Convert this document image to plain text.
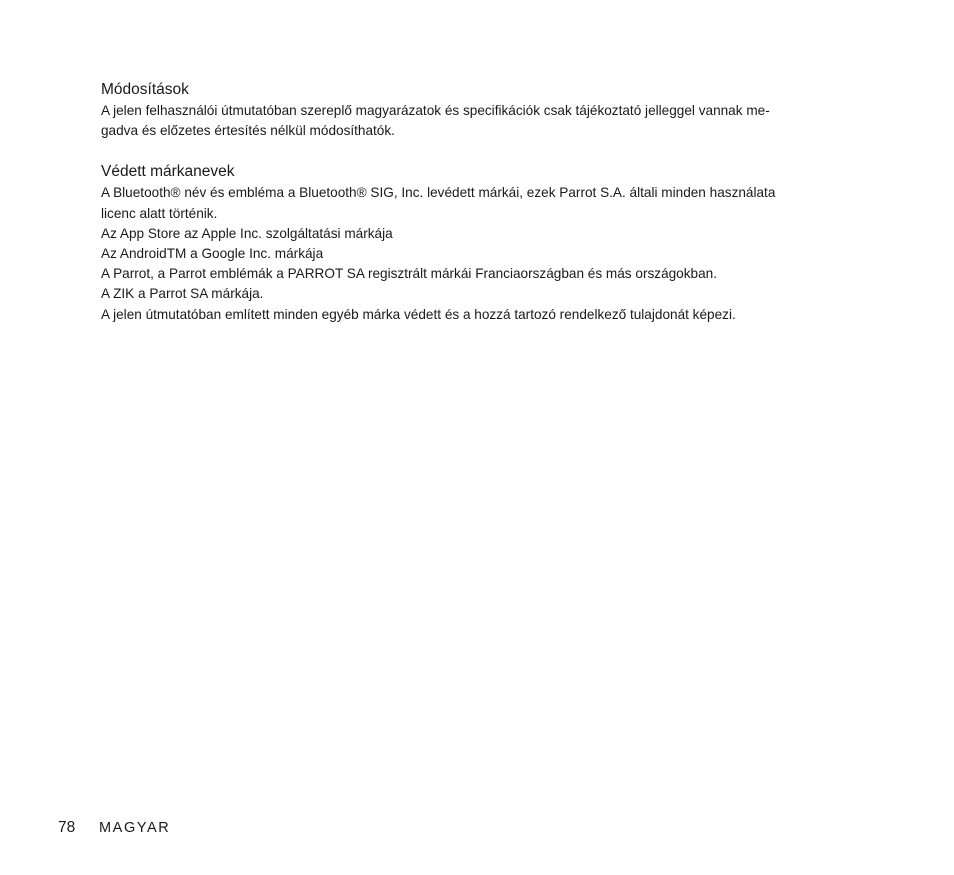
Módosítások
A jelen felhasználói útmutatóban szereplő magyarázatok és specifikációk csak tájékoztató jelleggel vannak me-
gadva és előzetes értesítés nélkül módosíthatók.
Védett márkanevek
A Bluetooth® név és embléma a Bluetooth® SIG, Inc. levédett márkái, ezek Parrot S.A. általi minden használata
licenc alatt történik.
Az App Store az Apple Inc. szolgáltatási márkája
Az AndroidTM a Google Inc. márkája
A Parrot, a Parrot emblémák a PARROT SA regisztrált márkái Franciaországban és más országokban.
A ZIK a Parrot SA márkája.
A jelen útmutatóban említett minden egyéb márka védett és a hozzá tartozó rendelkező tulajdonát képezi.
78	MAGYAR
